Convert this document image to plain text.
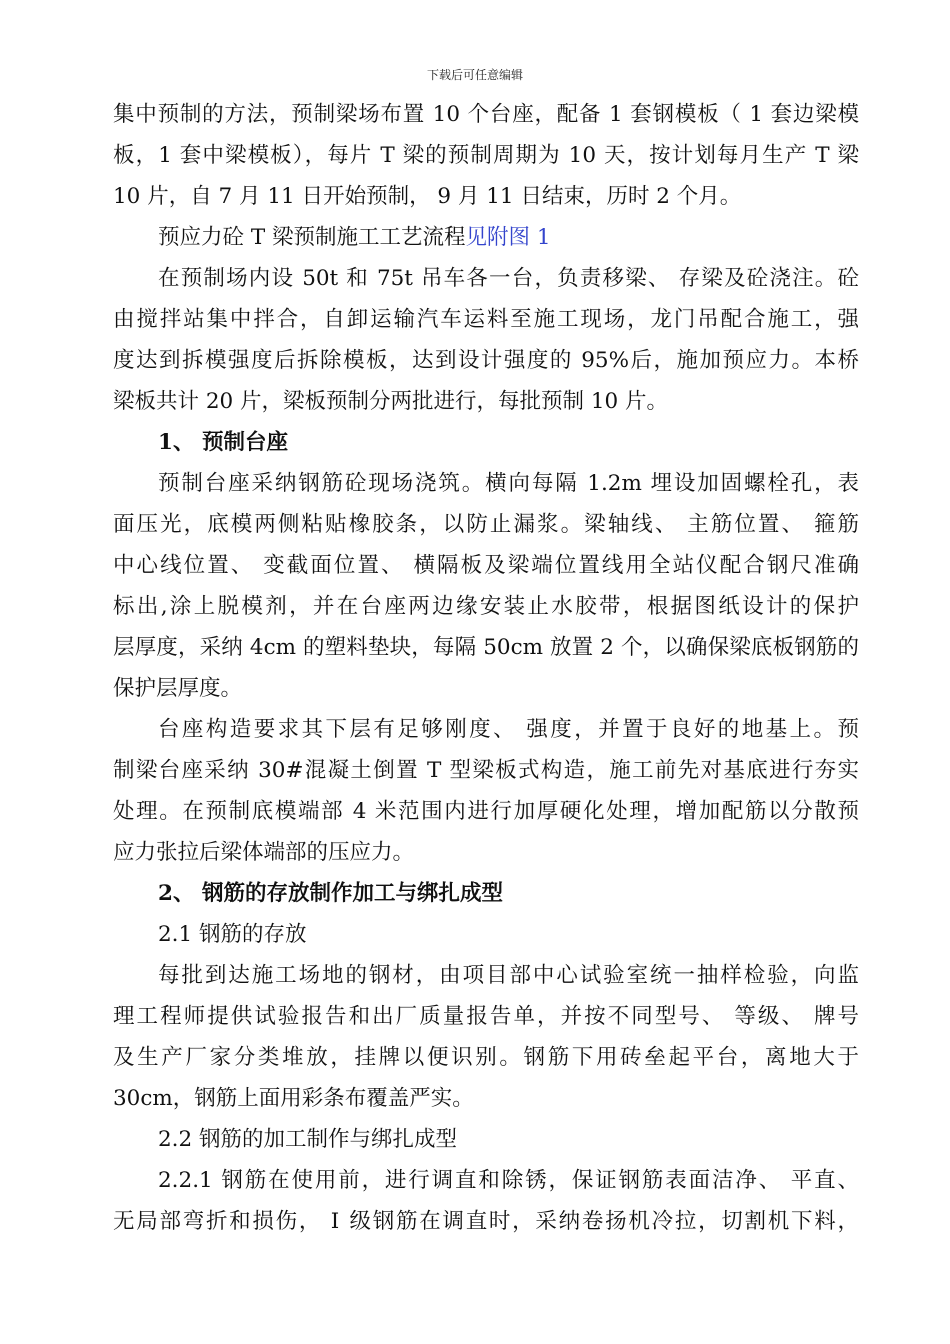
下载后可任意编辑
集中预制的方法，预制梁场布置 10 个台座，配备 1 套钢模板（ 1 套边梁模
板，1 套中梁模板），每片 T 梁的预制周期为 10 天，按计划每月生产 T 梁
10 片，自 7 月 11 日开始预制， 9 月 11 日结束，历时 2 个月。
预应力砼 T 梁预制施工工艺流程见附图 1
在预制场内设 50t 和 75t 吊车各一台，负责移梁、 存梁及砼浇注。砼
由搅拌站集中拌合，自卸运输汽车运料至施工现场，龙门吊配合施工，强
度达到拆模强度后拆除模板，达到设计强度的 95%后，施加预应力。本桥
梁板共计 20 片，梁板预制分两批进行，每批预制 10 片。
1、 预制台座
预制台座采纳钢筋砼现场浇筑。横向每隔 1.2m 埋设加固螺栓孔，表
面压光，底模两侧粘贴橡胶条，以防止漏浆。梁轴线、 主筋位置、 箍筋
中心线位置、 变截面位置、 横隔板及梁端位置线用全站仪配合钢尺准确
标出,涂上脱模剂，并在台座两边缘安装止水胶带，根据图纸设计的保护
层厚度，采纳 4cm 的塑料垫块，每隔 50cm 放置 2 个，以确保梁底板钢筋的
保护层厚度。
台座构造要求其下层有足够刚度、 强度，并置于良好的地基上。预
制梁台座采纳 30#混凝土倒置 T 型梁板式构造，施工前先对基底进行夯实
处理。在预制底模端部 4 米范围内进行加厚硬化处理，增加配筋以分散预
应力张拉后梁体端部的压应力。
2、 钢筋的存放制作加工与绑扎成型
2.1 钢筋的存放
每批到达施工场地的钢材，由项目部中心试验室统一抽样检验，向监
理工程师提供试验报告和出厂质量报告单，并按不同型号、 等级、 牌号
及生产厂家分类堆放，挂牌以便识别。钢筋下用砖垒起平台，离地大于
30cm，钢筋上面用彩条布覆盖严实。
2.2 钢筋的加工制作与绑扎成型
2.2.1 钢筋在使用前，进行调直和除锈，保证钢筋表面洁净、 平直、
无局部弯折和损伤， Ⅰ 级钢筋在调直时，采纳卷扬机冷拉，切割机下料，
